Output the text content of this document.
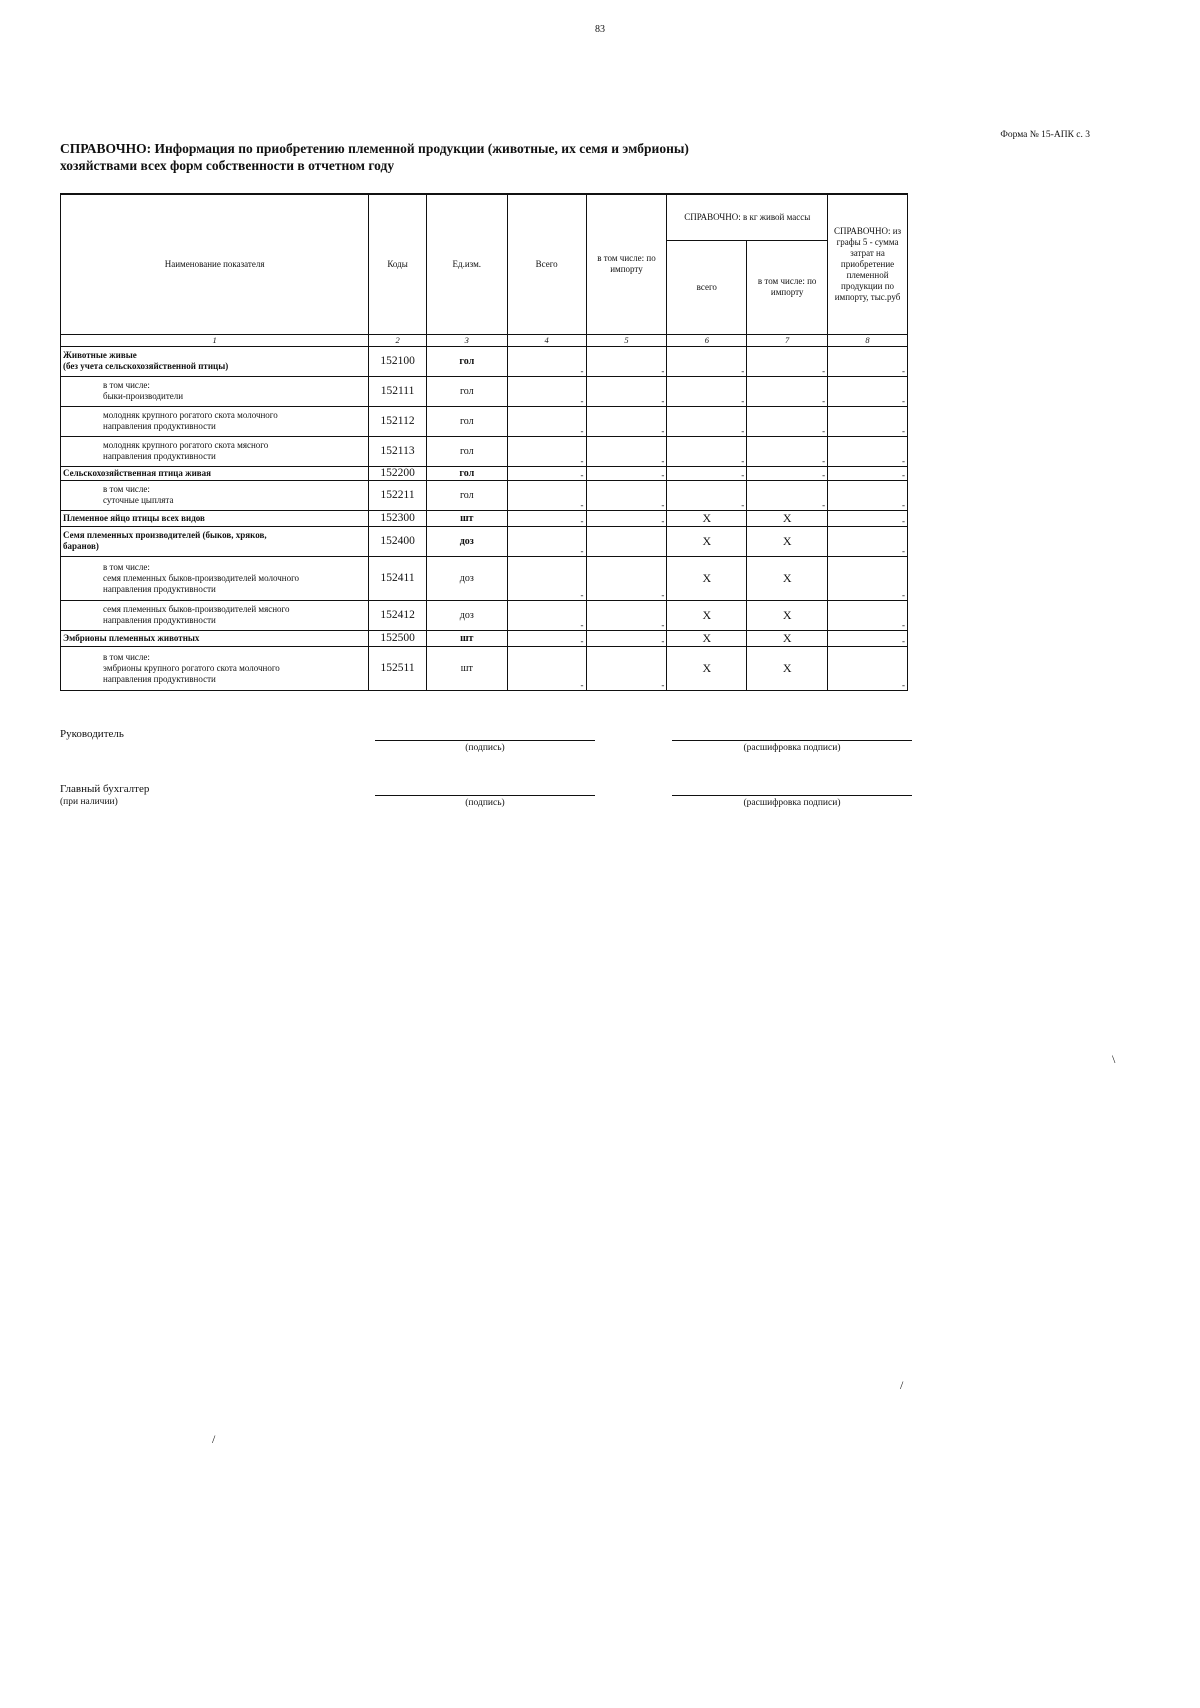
83
Форма № 15-АПК с. 3
СПРАВОЧНО: Информация по приобретению племенной продукции (животные, их семя и эмбрионы)
хозяйствами всех форм собственности в отчетном году
Наименование показателя	Коды	Ед.изм.	Всего	в том числе: по импорту	СПРАВОЧНО: в кг живой массы		СПРАВОЧНО: из графы 5 - сумма затрат на приобретение племенной продукции по импорту, тыс.руб
					всего	в том числе: по импорту	
1	2	3	4	5	6	7	8

Животные живые
(без учета сельскохозяйственной птицы)	152100	гол	-	-	-	-	-

в том числе:
быки-производители	152111	гол	-	-	-	-	-

молодняк крупного рогатого скота молочного
направления продуктивности	152112	гол	-	-	-	-	-

молодняк крупного рогатого скота мясного
направления продуктивности	152113	гол	-	-	-	-	-

Сельскохозяйственная птица живая	152200	гол	-	-	-	-	-

в том числе:
суточные цыплята	152211	гол	-	-	-	-	-

Племенное яйцо птицы всех видов	152300	шт	-	-	X	X	-

Семя племенных производителей (быков, хряков,
баранов)	152400	доз	-		X	X	-

в том числе:
семя племенных быков-производителей молочного
направления продуктивности	152411	доз	-	-	X	X	-

семя племенных быков-производителей мясного
направления продуктивности	152412	доз	-	-	X	X	-

Эмбрионы племенных животных	152500	шт	-	-	X	X	-

в том числе:
эмбрионы крупного рогатого скота молочного
направления продуктивности	152511	шт	-	-	X	X	-
Руководитель
(подпись)	(расшифровка подписи)
Главный бухгалтер
(при наличии)	(подпись)	(расшифровка подписи)
\
/
/
